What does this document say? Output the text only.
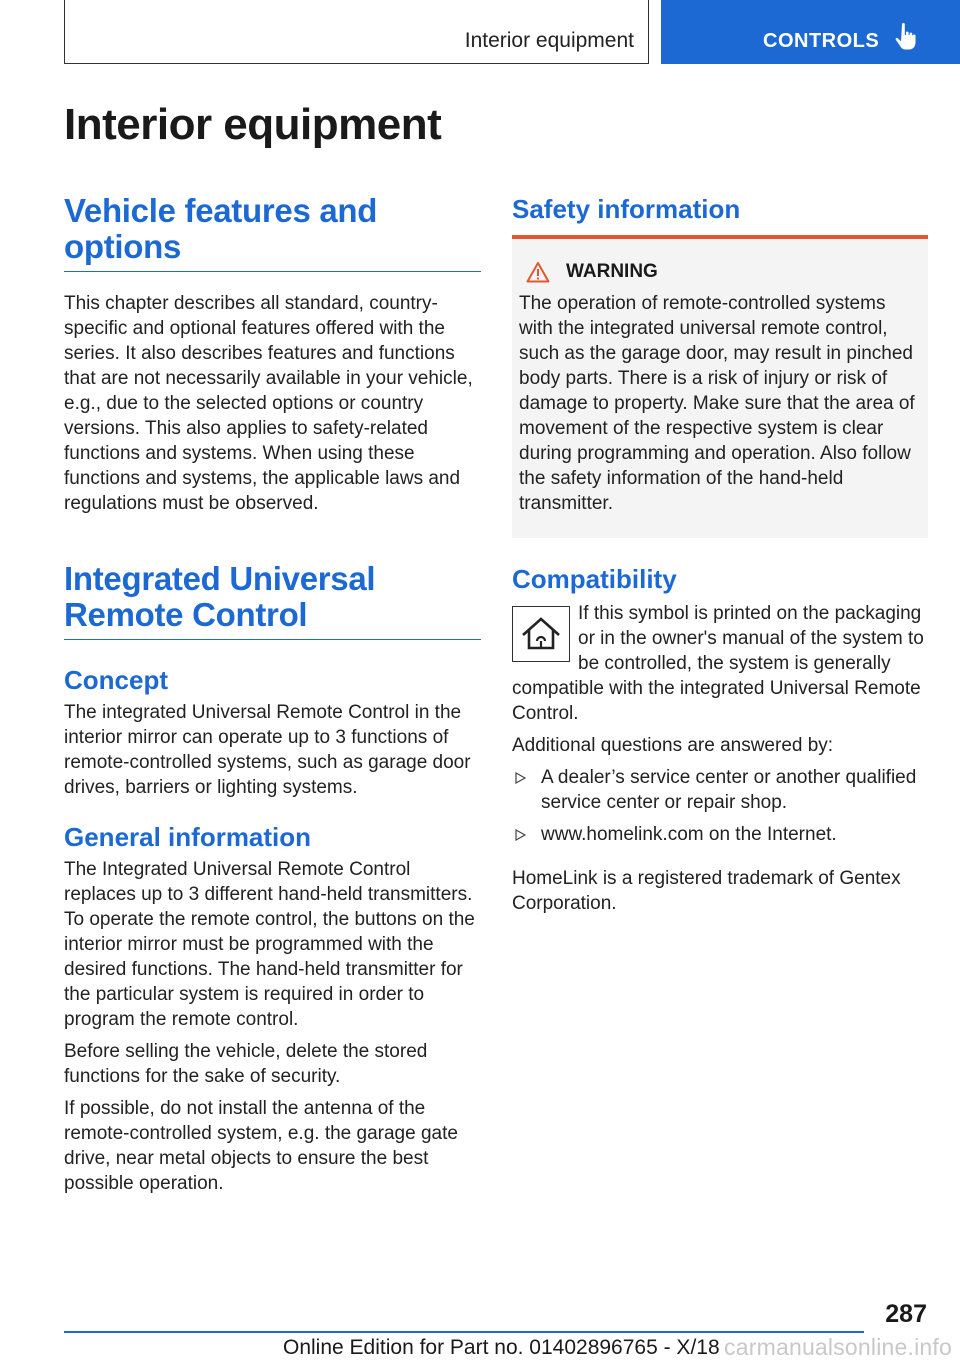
Interior equipment	CONTROLS
Interior equipment
Vehicle features and
options

This chapter describes all standard, country-specific and optional features offered with the series. It also describes features and functions that are not necessarily available in your vehicle, e.g., due to the selected options or country versions. This also applies to safety-related functions and systems. When using these functions and systems, the applicable laws and regulations must be observed.

Integrated Universal
Remote Control
Concept

The integrated Universal Remote Control in the interior mirror can operate up to 3 functions of remote-controlled systems, such as garage door drives, barriers or lighting systems.

General information

The Integrated Universal Remote Control replaces up to 3 different hand-held transmitters. To operate the remote control, the buttons on the interior mirror must be programmed with the desired functions. The hand-held transmitter for the particular system is required in order to program the remote control.

Before selling the vehicle, delete the stored functions for the sake of security.

If possible, do not install the antenna of the remote-controlled system, e.g. the garage gate drive, near metal objects to ensure the best possible operation.

Safety information
WARNING

The operation of remote-controlled systems with the integrated universal remote control, such as the garage door, may result in pinched body parts. There is a risk of injury or risk of damage to property. Make sure that the area of movement of the respective system is clear during programming and operation. Also follow the safety information of the hand-held transmitter.

Compatibility

If this symbol is printed on the packaging or in the owner's manual of the system to be controlled, the system is generally compatible with the integrated Universal Remote Control.

Additional questions are answered by:

A dealer’s service center or another qualified service center or repair shop.
www.homelink.com on the Internet.

HomeLink is a registered trademark of Gentex Corporation.

287
Online Edition for Part no. 01402896765 - X/18 carmanualsonline.info
